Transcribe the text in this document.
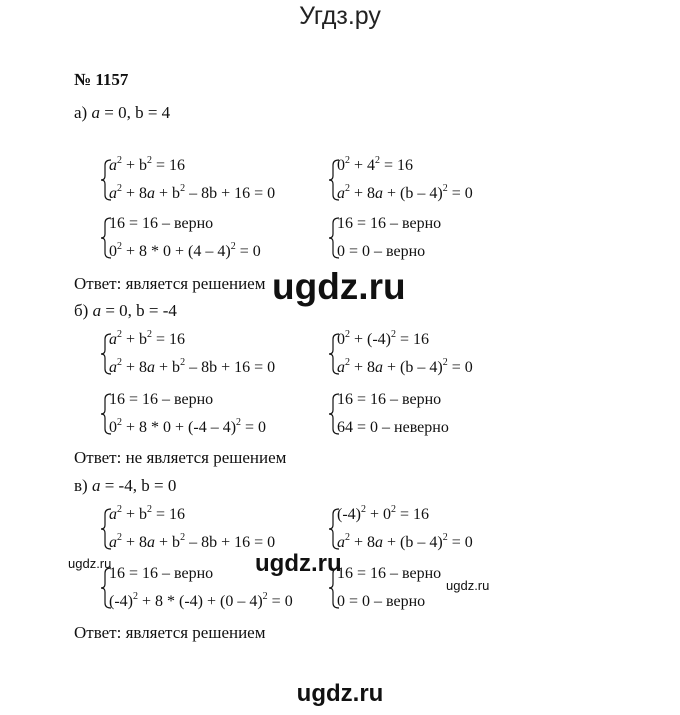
Угдз.ру
№ 1157
а) a = 0, b = 4
$a^2 + b^2 = 16$
$a^2 + 8a + b^2 - 8b + 16 = 0$
$0^2 + 4^2 = 16$
$a^2 + 8a + (b - 4)^2 = 0$
16 = 16 – верно
$0^2 + 8 * 0 + (4 - 4)^2 = 0$
16 = 16 – верно
0 = 0 – верно
Ответ: является решением
б) a = 0, b = -4
$a^2 + b^2 = 16$
$a^2 + 8a + b^2 - 8b + 16 = 0$
$0^2 + (-4)^2 = 16$
$a^2 + 8a + (b - 4)^2 = 0$
16 = 16 – верно
$0^2 + 8 * 0 + (-4 - 4)^2 = 0$
16 = 16 – верно
64 = 0 – неверно
Ответ: не является решением
в) a = -4, b = 0
$a^2 + b^2 = 16$
$a^2 + 8a + b^2 - 8b + 16 = 0$
$(-4)^2 + 0^2 = 16$
$a^2 + 8a + (b - 4)^2 = 0$
16 = 16 – верно
$(-4)^2 + 8 * (-4) + (0 - 4)^2 = 0$
16 = 16 – верно
0 = 0 – верно
Ответ: является решением
ugdz.ru
ugdz.ru
ugdz.ru
ugdz.ru
ugdz.ru
